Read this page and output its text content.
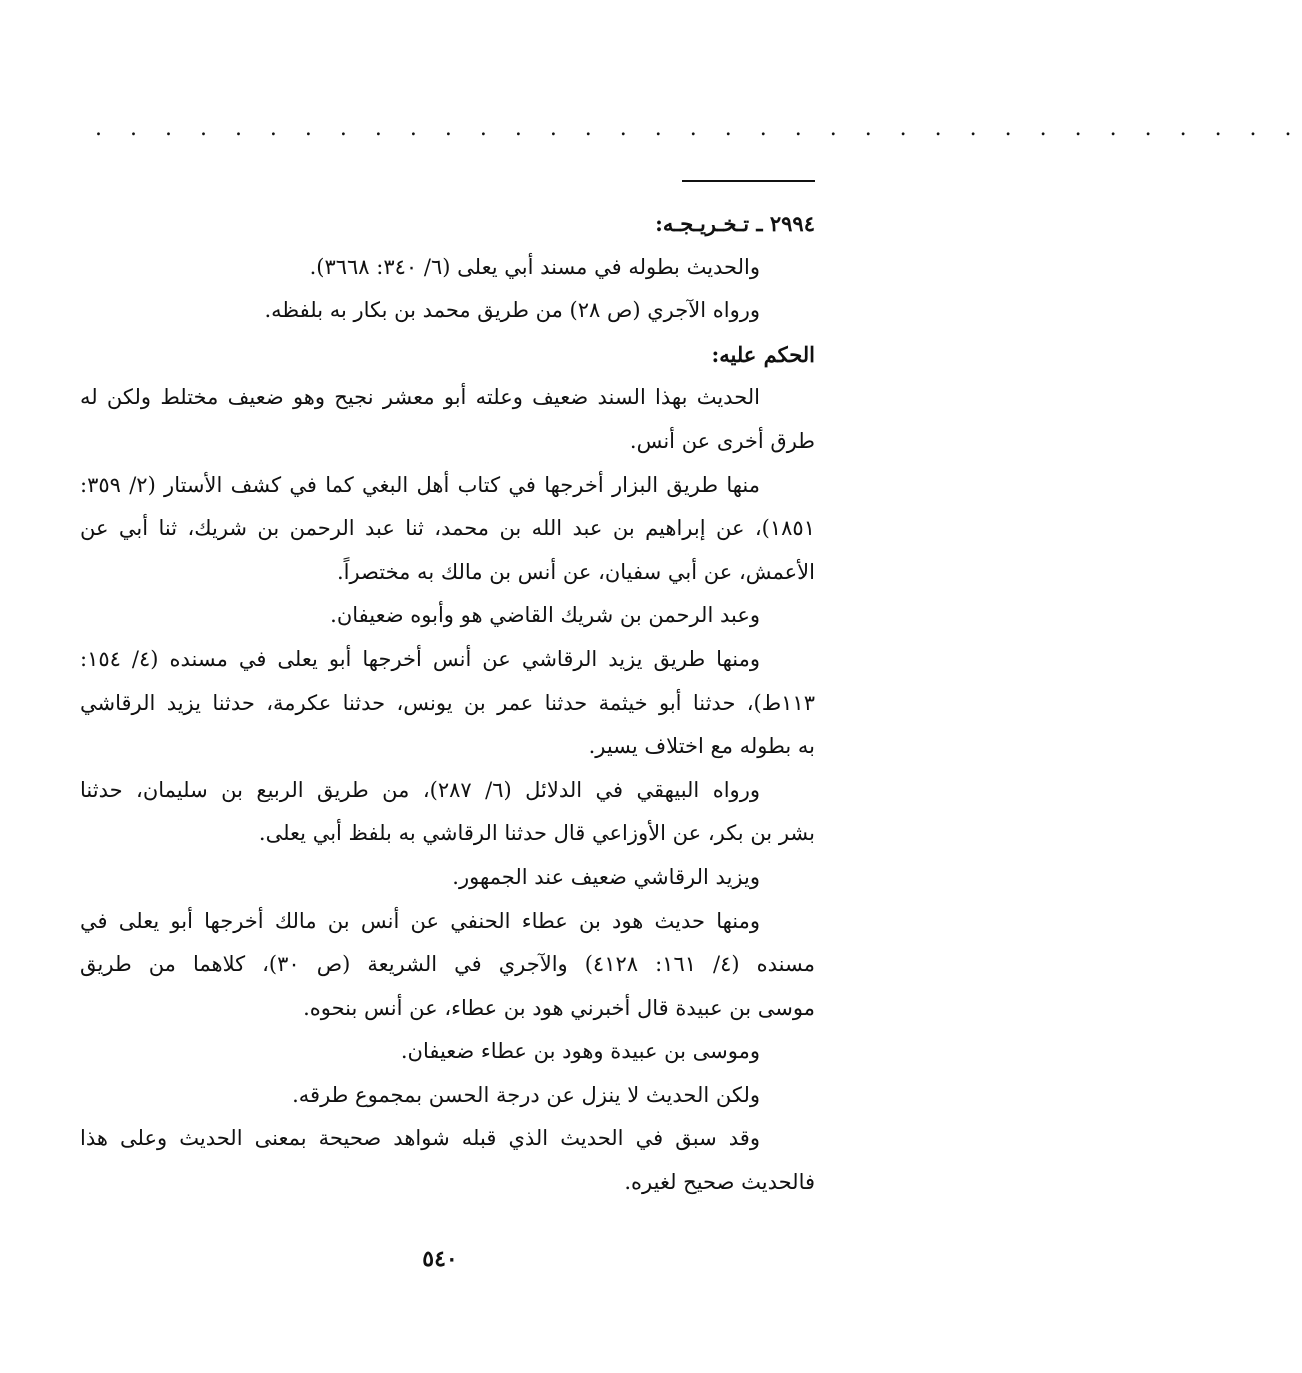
. . . . . . . . . . . . . . . . . . . . . . . . . . . . . . . . . . .
٢٩٩٤ ـ تـخـريـجـه:
والحديث بطوله في مسند أبي يعلى (٦/ ٣٤٠: ٣٦٦٨).
ورواه الآجري (ص ٢٨) من طريق محمد بن بكار به بلفظه.
الحكم عليه:
الحديث بهذا السند ضعيف وعلته أبو معشر نجيح وهو ضعيف مختلط ولكن له
طرق أخرى عن أنس.
منها طريق البزار أخرجها في كتاب أهل البغي كما في كشف الأستار (٢/ ٣٥٩:
١٨٥١)، عن إبراهيم بن عبد الله بن محمد، ثنا عبد الرحمن بن شريك، ثنا أبي عن
الأعمش، عن أبي سفيان، عن أنس بن مالك به مختصراً.
وعبد الرحمن بن شريك القاضي هو وأبوه ضعيفان.
ومنها طريق يزيد الرقاشي عن أنس أخرجها أبو يعلى في مسنده (٤/ ١٥٤:
١١٣ط)، حدثنا أبو خيثمة حدثنا عمر بن يونس، حدثنا عكرمة، حدثنا يزيد الرقاشي
به بطوله مع اختلاف يسير.
ورواه البيهقي في الدلائل (٦/ ٢٨٧)، من طريق الربيع بن سليمان، حدثنا
بشر بن بكر، عن الأوزاعي قال حدثنا الرقاشي به بلفظ أبي يعلى.
ويزيد الرقاشي ضعيف عند الجمهور.
ومنها حديث هود بن عطاء الحنفي عن أنس بن مالك أخرجها أبو يعلى في
مسنده (٤/ ١٦١: ٤١٢٨) والآجري في الشريعة (ص ٣٠)، كلاهما من طريق
موسى بن عبيدة قال أخبرني هود بن عطاء، عن أنس بنحوه.
وموسى بن عبيدة وهود بن عطاء ضعيفان.
ولكن الحديث لا ينزل عن درجة الحسن بمجموع طرقه.
وقد سبق في الحديث الذي قبله شواهد صحيحة بمعنى الحديث وعلى هذا
فالحديث صحيح لغيره.
٥٤٠
